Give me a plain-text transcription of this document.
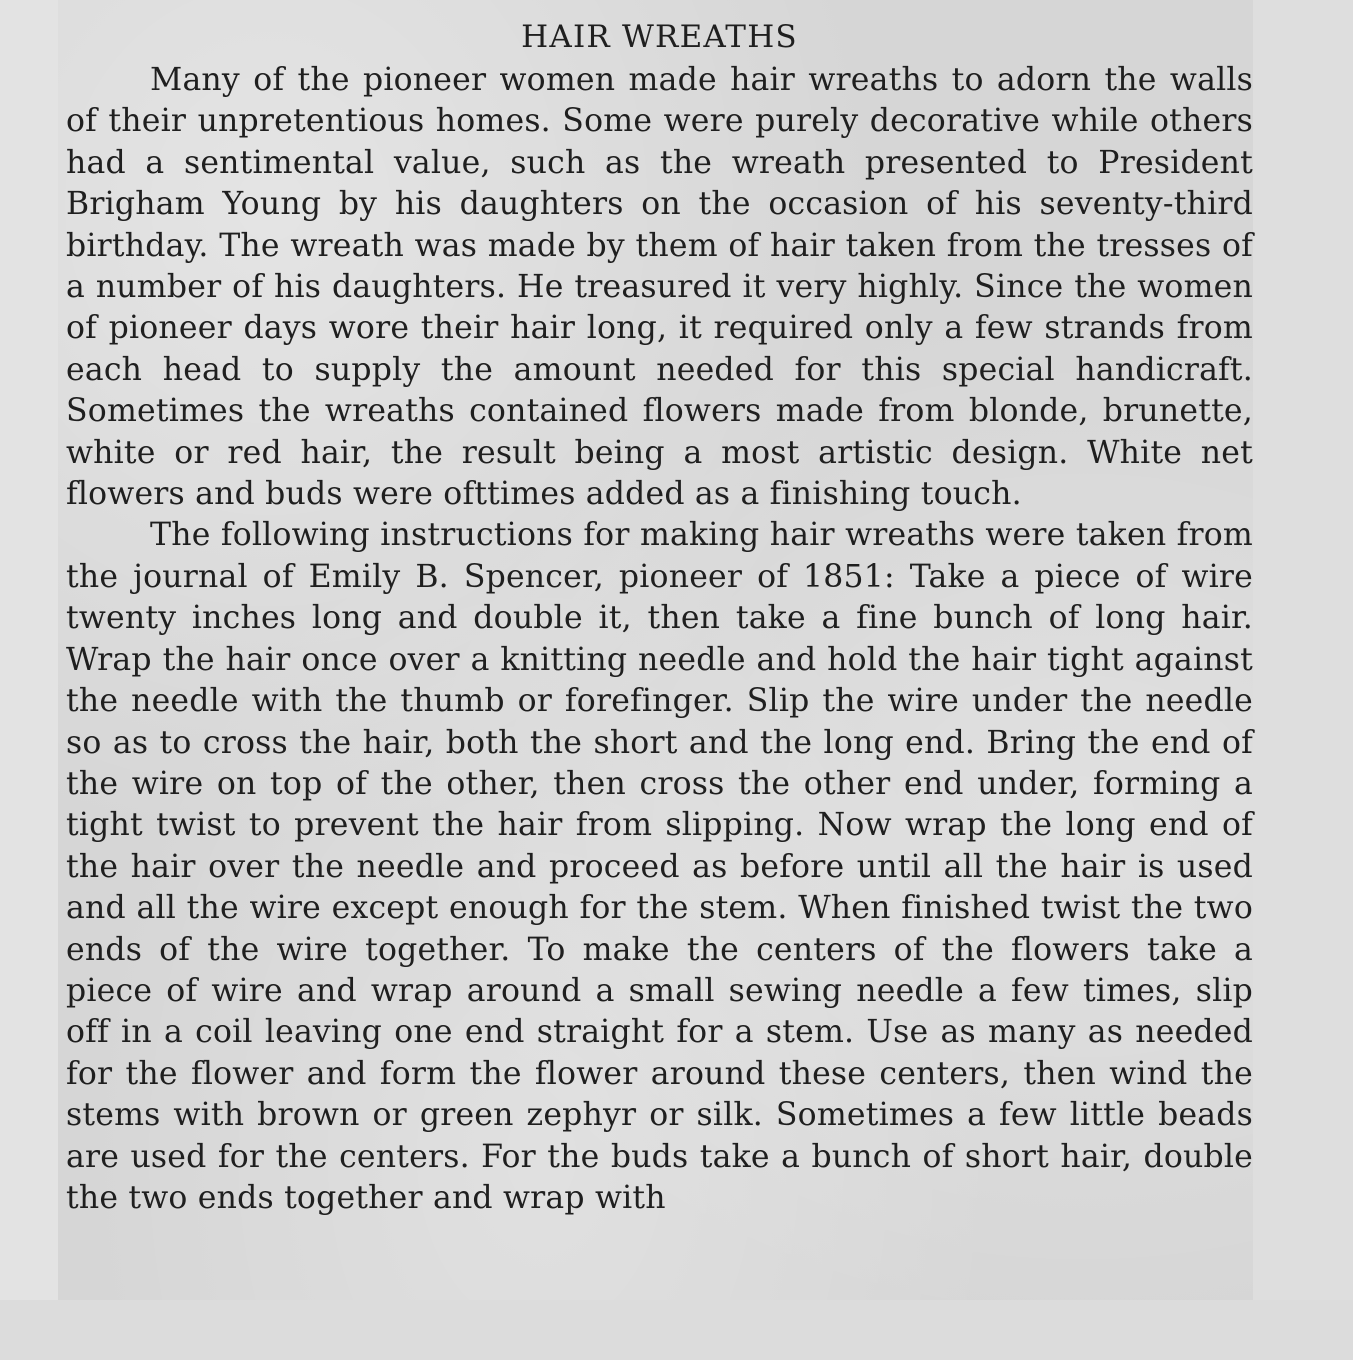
HAIR WREATHS

Many of the pioneer women made hair wreaths to adorn the walls of their unpretentious homes. Some were purely decorative while others had a sentimental value, such as the wreath presented to President Brigham Young by his daughters on the occasion of his seventy-third birthday. The wreath was made by them of hair taken from the tresses of a number of his daughters. He treasured it very highly. Since the women of pioneer days wore their hair long, it required only a few strands from each head to supply the amount needed for this special handicraft. Sometimes the wreaths contained flowers made from blonde, brunette, white or red hair, the result being a most artistic design. White net flowers and buds were ofttimes added as a finishing touch.

The following instructions for making hair wreaths were taken from the journal of Emily B. Spencer, pioneer of 1851: Take a piece of wire twenty inches long and double it, then take a fine bunch of long hair. Wrap the hair once over a knitting needle and hold the hair tight against the needle with the thumb or forefinger. Slip the wire under the needle so as to cross the hair, both the short and the long end. Bring the end of the wire on top of the other, then cross the other end under, forming a tight twist to prevent the hair from slipping. Now wrap the long end of the hair over the needle and proceed as before until all the hair is used and all the wire except enough for the stem. When finished twist the two ends of the wire together. To make the centers of the flowers take a piece of wire and wrap around a small sewing needle a few times, slip off in a coil leaving one end straight for a stem. Use as many as needed for the flower and form the flower around these centers, then wind the stems with brown or green zephyr or silk. Sometimes a few little beads are used for the centers. For the buds take a bunch of short hair, double the two ends together and wrap with
